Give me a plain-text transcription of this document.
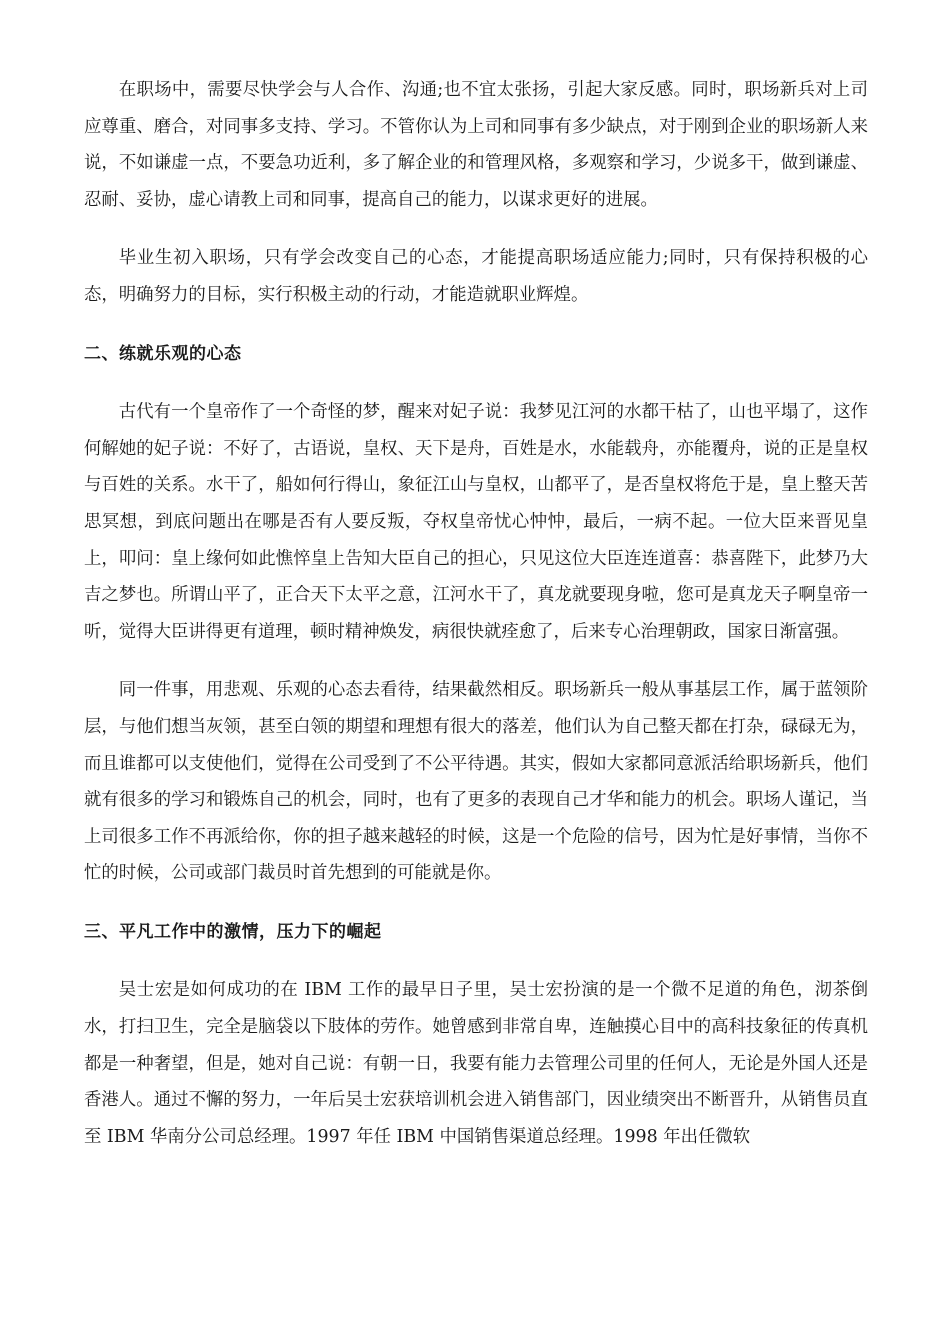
在职场中，需要尽快学会与人合作、沟通;也不宜太张扬，引起大家反感。同时，职场新兵对上司应尊重、磨合，对同事多支持、学习。不管你认为上司和同事有多少缺点，对于刚到企业的职场新人来说，不如谦虚一点，不要急功近利，多了解企业的和管理风格，多观察和学习，少说多干，做到谦虚、忍耐、妥协，虚心请教上司和同事，提高自己的能力，以谋求更好的进展。

毕业生初入职场，只有学会改变自己的心态，才能提高职场适应能力;同时，只有保持积极的心态，明确努力的目标，实行积极主动的行动，才能造就职业辉煌。

二、练就乐观的心态

古代有一个皇帝作了一个奇怪的梦，醒来对妃子说：我梦见江河的水都干枯了，山也平塌了，这作何解她的妃子说：不好了，古语说，皇权、天下是舟，百姓是水，水能载舟，亦能覆舟，说的正是皇权与百姓的关系。水干了，船如何行得山，象征江山与皇权，山都平了，是否皇权将危于是，皇上整天苦思冥想，到底问题出在哪是否有人要反叛，夺权皇帝忧心忡忡，最后，一病不起。一位大臣来晋见皇上，叩问：皇上缘何如此憔悴皇上告知大臣自己的担心，只见这位大臣连连道喜：恭喜陛下，此梦乃大吉之梦也。所谓山平了，正合天下太平之意，江河水干了，真龙就要现身啦，您可是真龙天子啊皇帝一听，觉得大臣讲得更有道理，顿时精神焕发，病很快就痊愈了，后来专心治理朝政，国家日渐富强。

同一件事，用悲观、乐观的心态去看待，结果截然相反。职场新兵一般从事基层工作，属于蓝领阶层，与他们想当灰领，甚至白领的期望和理想有很大的落差，他们认为自己整天都在打杂，碌碌无为，而且谁都可以支使他们，觉得在公司受到了不公平待遇。其实，假如大家都同意派活给职场新兵，他们就有很多的学习和锻炼自己的机会，同时，也有了更多的表现自己才华和能力的机会。职场人谨记，当上司很多工作不再派给你，你的担子越来越轻的时候，这是一个危险的信号，因为忙是好事情，当你不忙的时候，公司或部门裁员时首先想到的可能就是你。

三、平凡工作中的激情，压力下的崛起

吴士宏是如何成功的在 IBM 工作的最早日子里，吴士宏扮演的是一个微不足道的角色，沏茶倒水，打扫卫生，完全是脑袋以下肢体的劳作。她曾感到非常自卑，连触摸心目中的高科技象征的传真机都是一种奢望，但是，她对自己说：有朝一日，我要有能力去管理公司里的任何人，无论是外国人还是香港人。通过不懈的努力，一年后吴士宏获培训机会进入销售部门，因业绩突出不断晋升，从销售员直至 IBM 华南分公司总经理。1997 年任 IBM 中国销售渠道总经理。1998 年出任微软
